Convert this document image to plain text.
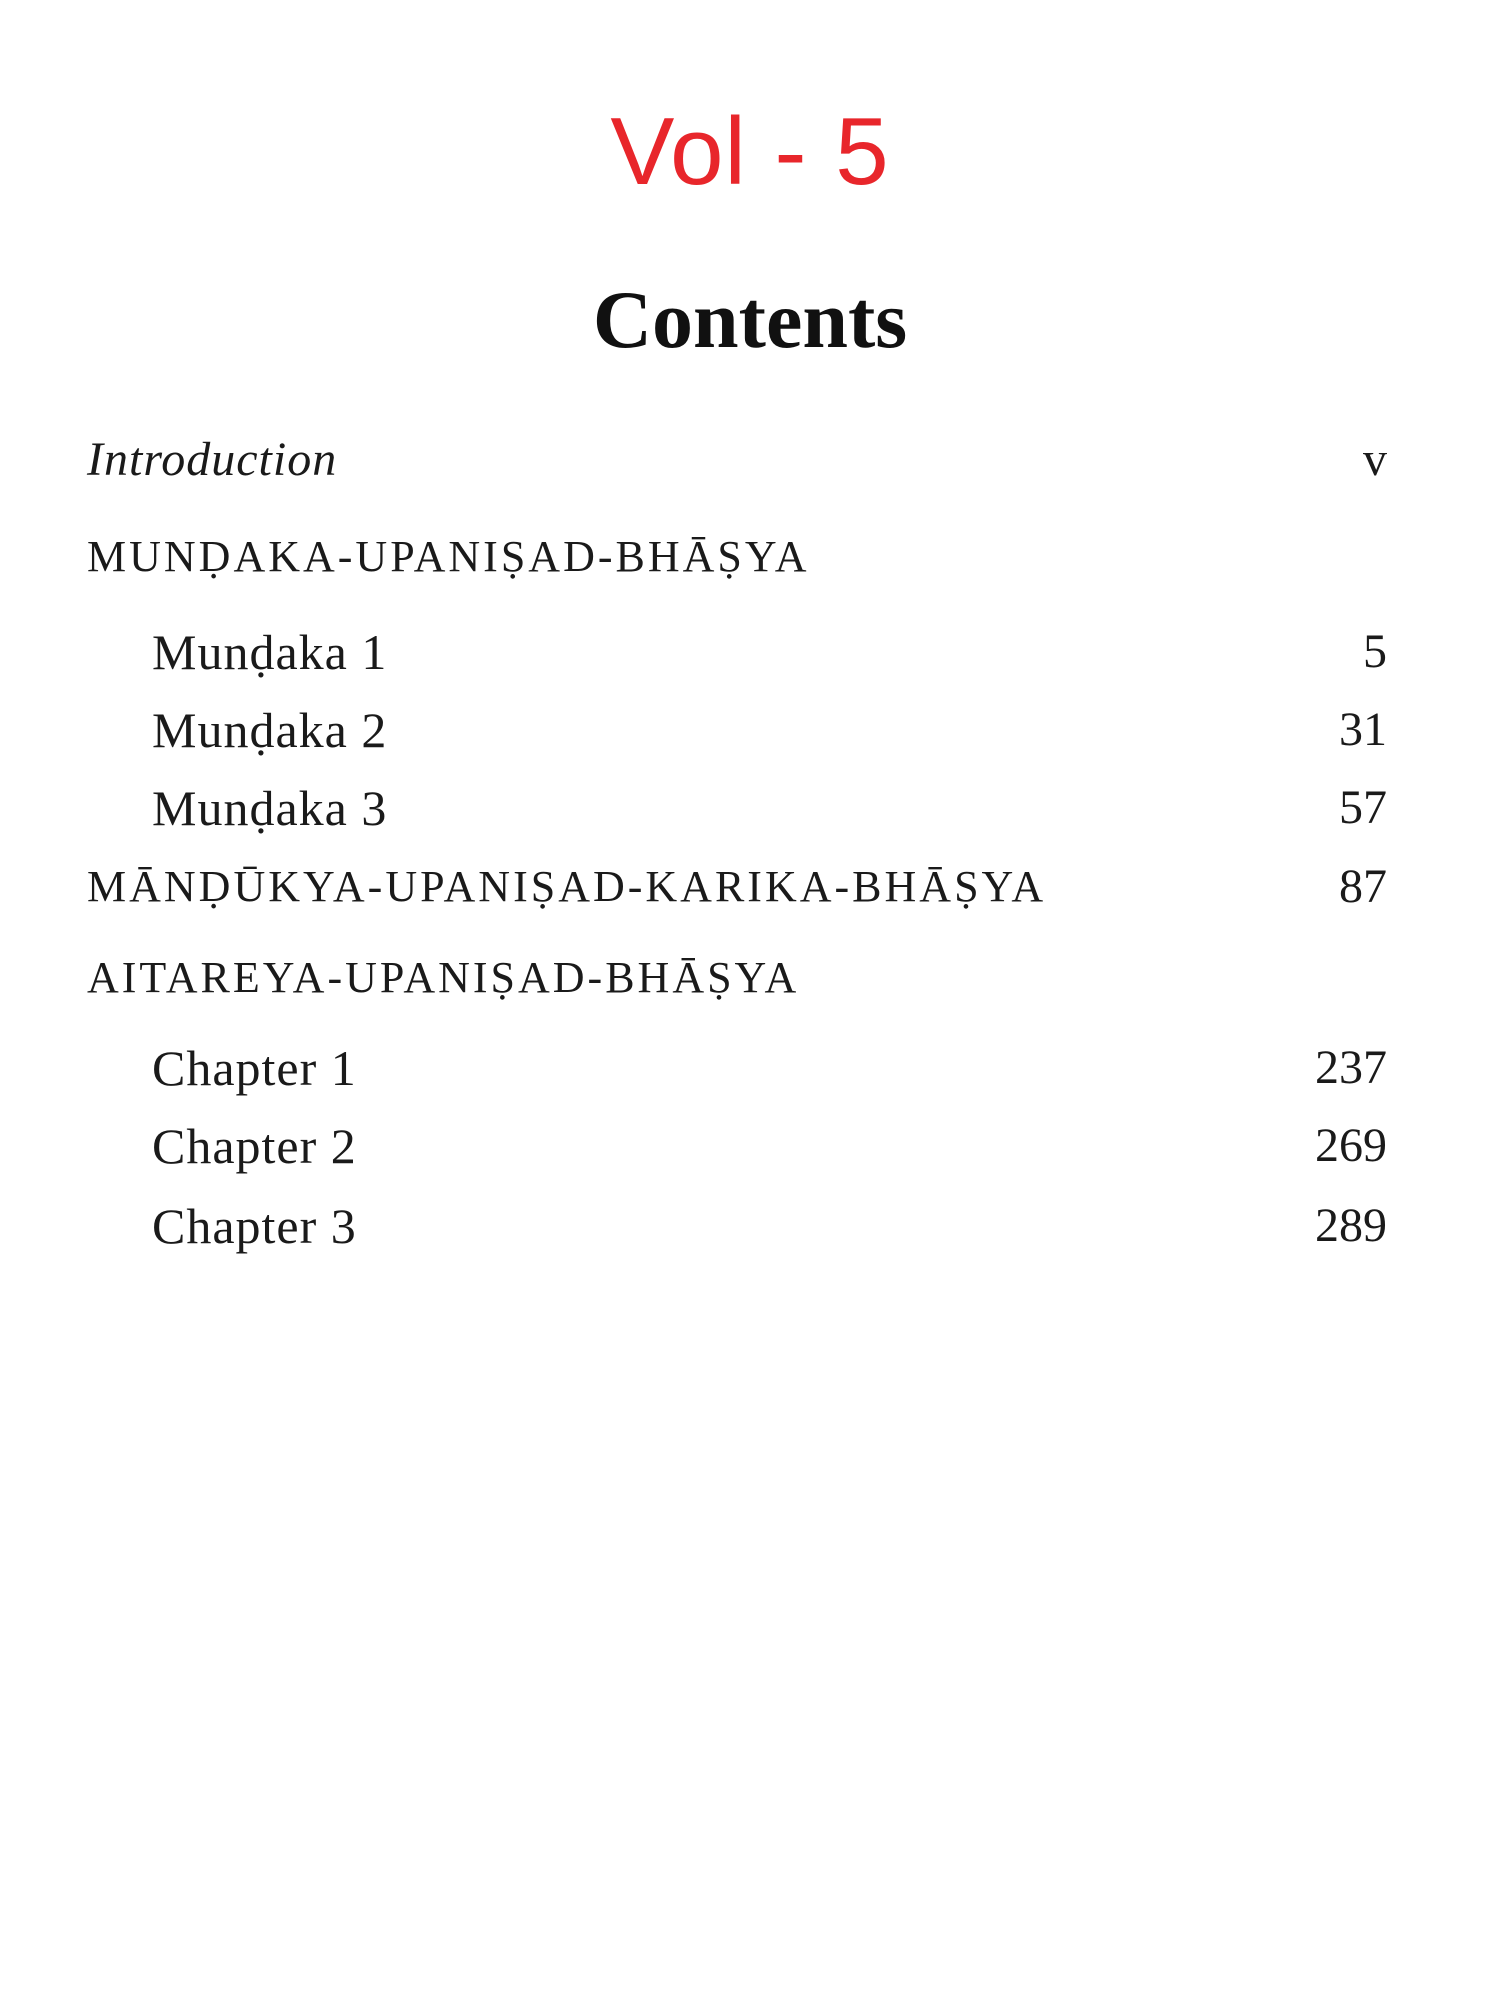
Vol - 5
Contents
Introduction	v
MUNḌAKA-UPANIṢAD-BHĀṢYA
Munḍaka 1	5
Munḍaka 2	31
Munḍaka 3	57
MĀNḌŪKYA-UPANIṢAD-KARIKA-BHĀṢYA	87
AITAREYA-UPANIṢAD-BHĀṢYA
Chapter 1	237
Chapter 2	269
Chapter 3	289
